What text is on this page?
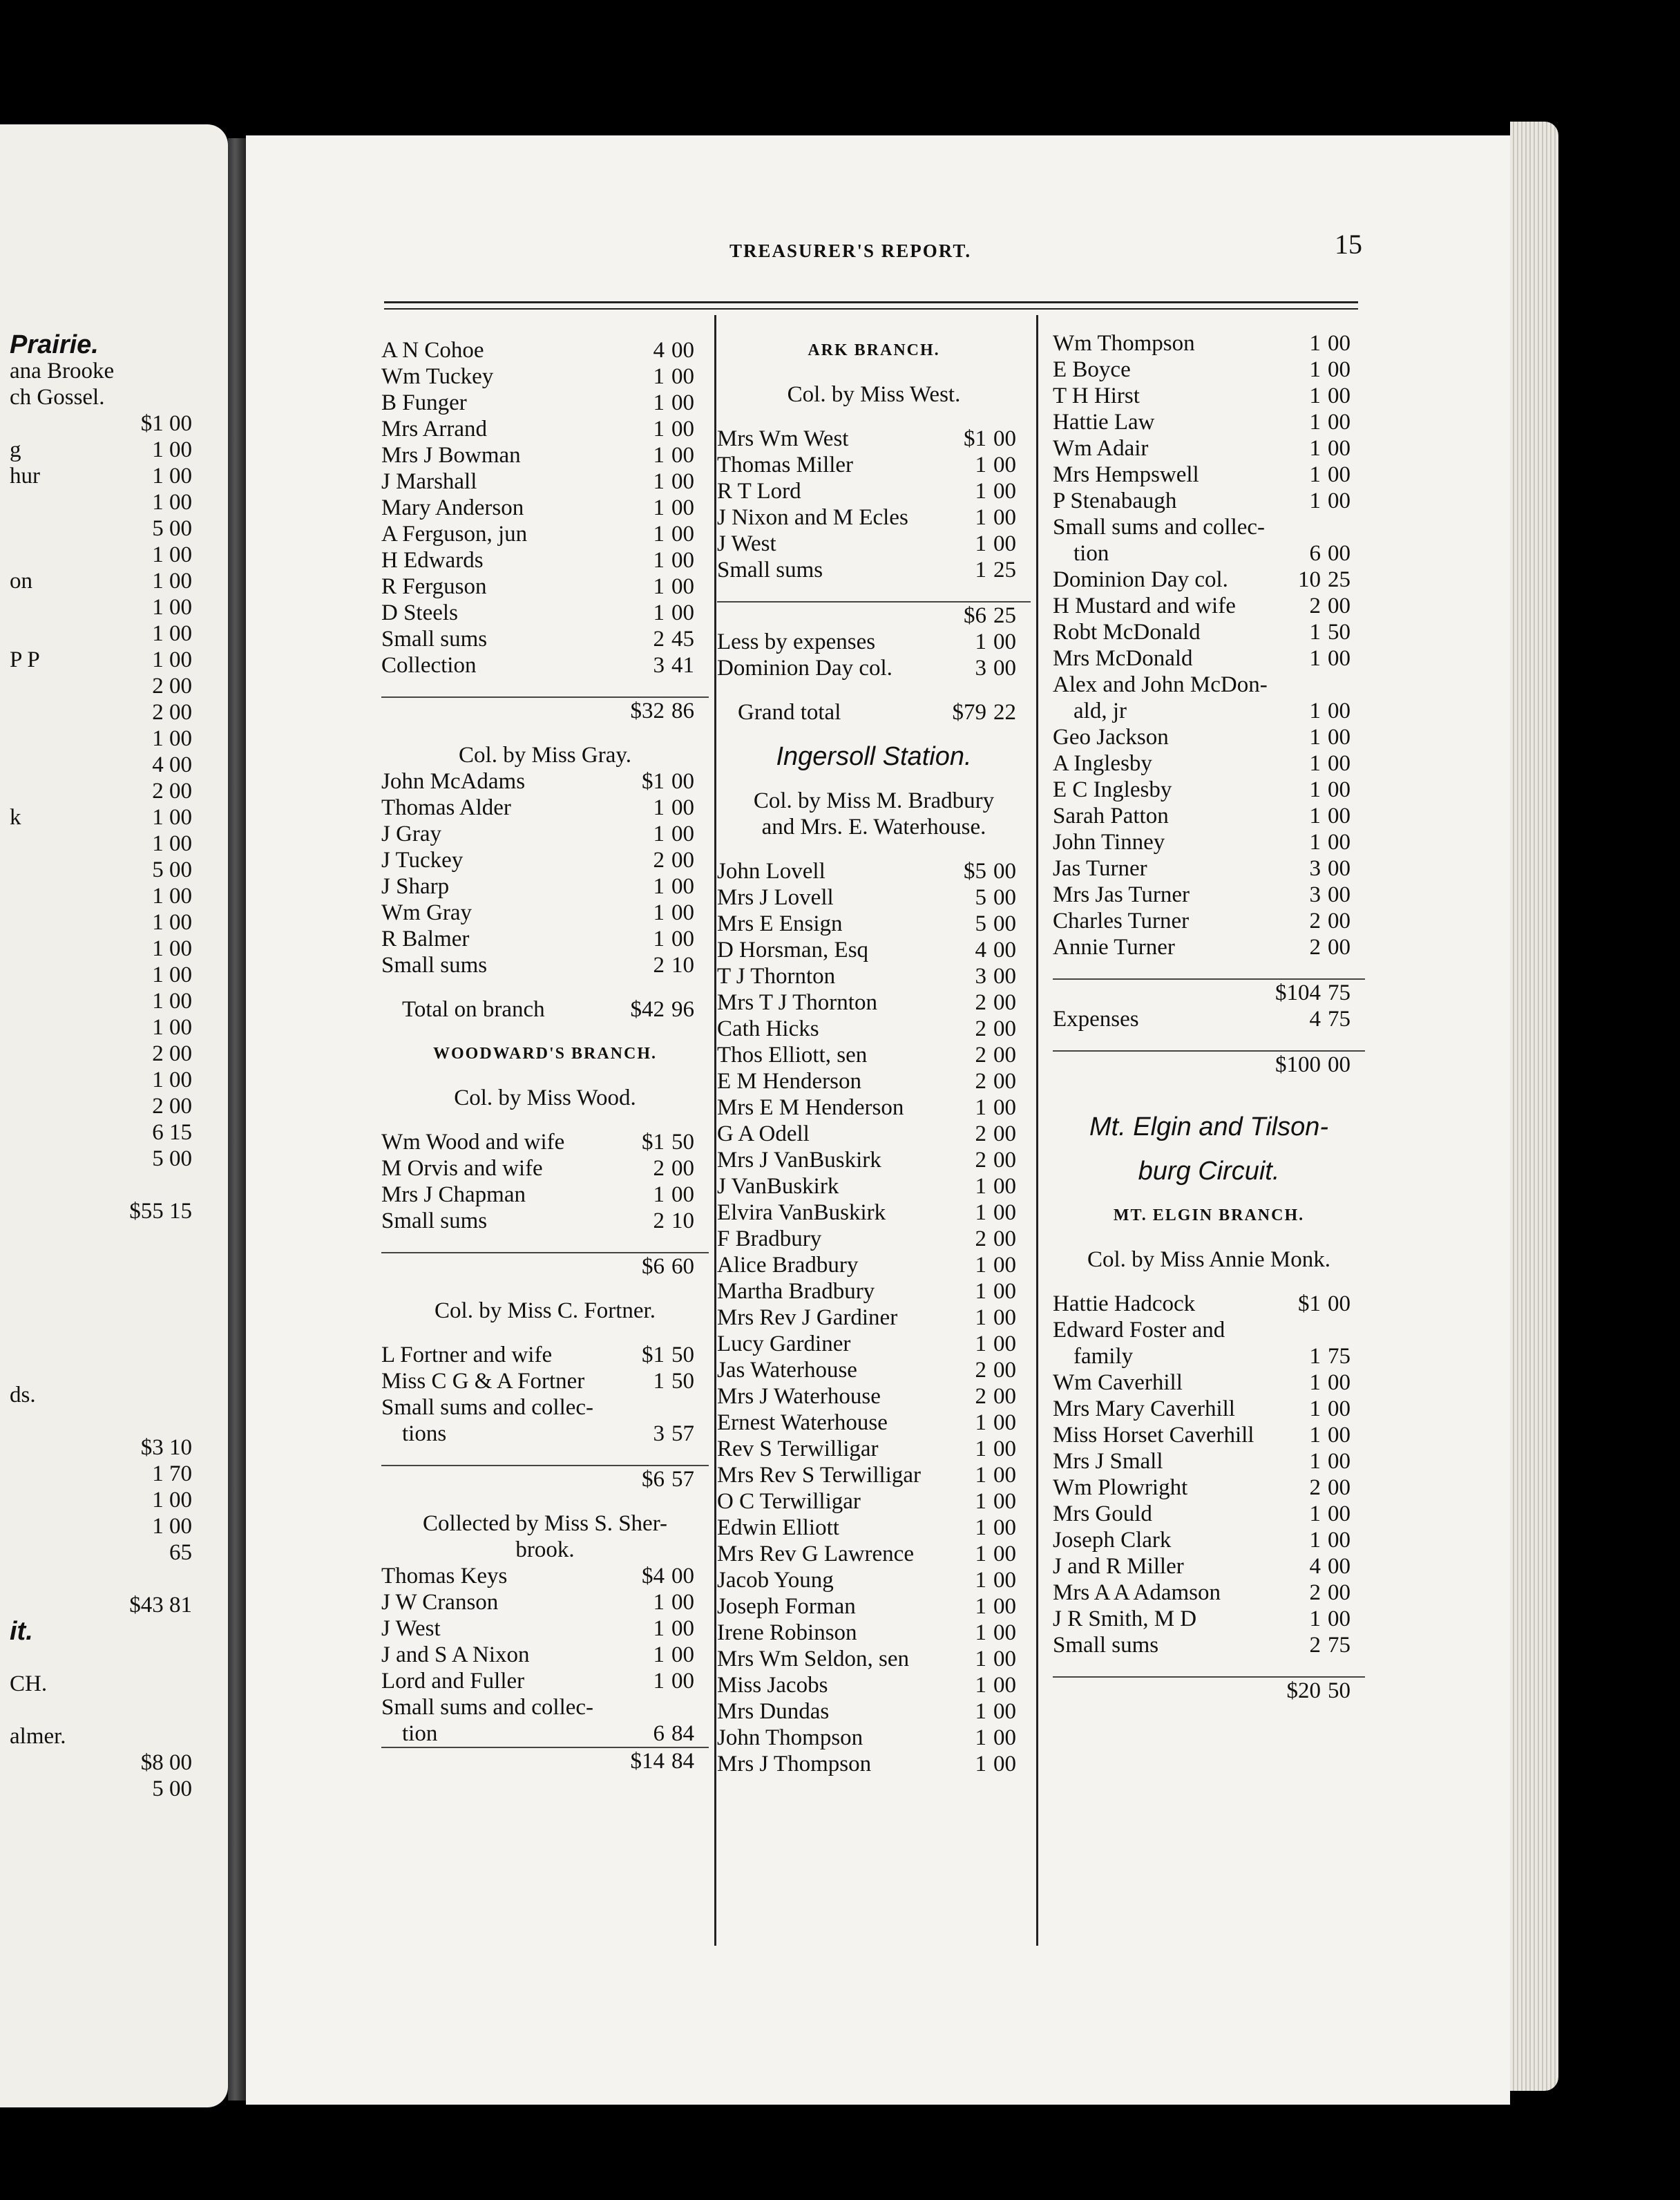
Prairie.
ana Brooke
ch Gossel.
$1 00
g	1 00
hur	1 00
1 00
5 00
1 00
on	1 00
1 00
1 00
P P	1 00
2 00
2 00
1 00
4 00
2 00
k	1 00
1 00
5 00
1 00
1 00
1 00
1 00
1 00
1 00
2 00
1 00
2 00
6 15
5 00
$55 15
ds.
$3 10
1 70
1 00
1 00
65
$43 81
it.
CH.
almer.
$8 00
5 00
TREASURER'S REPORT.	15
A N Cohoe	4 00
Wm Tuckey	1 00
B Funger	1 00
Mrs Arrand	1 00
Mrs J Bowman	1 00
J Marshall	1 00
Mary Anderson	1 00
A Ferguson, jun	1 00
H Edwards	1 00
R Ferguson	1 00
D Steels	1 00
Small sums	2 45
Collection	3 41
$32 86
Col. by Miss Gray.
John McAdams	$1 00
Thomas Alder	1 00
J Gray	1 00
J Tuckey	2 00
J Sharp	1 00
Wm Gray	1 00
R Balmer	1 00
Small sums	2 10
Total on branch	$42 96
WOODWARD'S BRANCH.
Col. by Miss Wood.
Wm Wood and wife	$1 50
M Orvis and wife	2 00
Mrs J Chapman	1 00
Small sums	2 10
$6 60
Col. by Miss C. Fortner.
L Fortner and wife	$1 50
Miss C G & A Fortner	1 50
Small sums and collec-
tions	3 57
$6 57
Collected by Miss S. Sher-
brook.
Thomas Keys	$4 00
J W Cranson	1 00
J West	1 00
J and S A Nixon	1 00
Lord and Fuller	1 00
Small sums and collec-
tion	6 84
$14 84
ARK BRANCH.
Col. by Miss West.
Mrs Wm West	$1 00
Thomas Miller	1 00
R T Lord	1 00
J Nixon and M Ecles	1 00
J West	1 00
Small sums	1 25
$6 25
Less by expenses	1 00
Dominion Day col.	3 00
Grand total	$79 22
Ingersoll Station.
Col. by Miss M. Bradbury
and Mrs. E. Waterhouse.
John Lovell	$5 00
Mrs J Lovell	5 00
Mrs E Ensign	5 00
D Horsman, Esq	4 00
T J Thornton	3 00
Mrs T J Thornton	2 00
Cath Hicks	2 00
Thos Elliott, sen	2 00
E M Henderson	2 00
Mrs E M Henderson	1 00
G A Odell	2 00
Mrs J VanBuskirk	2 00
J VanBuskirk	1 00
Elvira VanBuskirk	1 00
F Bradbury	2 00
Alice Bradbury	1 00
Martha Bradbury	1 00
Mrs Rev J Gardiner	1 00
Lucy Gardiner	1 00
Jas Waterhouse	2 00
Mrs J Waterhouse	2 00
Ernest Waterhouse	1 00
Rev S Terwilligar	1 00
Mrs Rev S Terwilligar 1 00
O C Terwilligar	1 00
Edwin Elliott	1 00
Mrs Rev G Lawrence	1 00
Jacob Young	1 00
Joseph Forman	1 00
Irene Robinson	1 00
Mrs Wm Seldon, sen	1 00
Miss Jacobs	1 00
Mrs Dundas	1 00
John Thompson	1 00
Mrs J Thompson	1 00
Wm Thompson	1 00
E Boyce	1 00
T H Hirst	1 00
Hattie Law	1 00
Wm Adair	1 00
Mrs Hempswell	1 00
P Stenabaugh	1 00
Small sums and collec-
tion	6 00
Dominion Day col.	10 25
H Mustard and wife	2 00
Robt McDonald	1 50
Mrs McDonald	1 00
Alex and John McDon-
ald, jr	1 00
Geo Jackson	1 00
A Inglesby	1 00
E C Inglesby	1 00
Sarah Patton	1 00
John Tinney	1 00
Jas Turner	3 00
Mrs Jas Turner	3 00
Charles Turner	2 00
Annie Turner	2 00
$104 75
Expenses	4 75
$100 00
Mt. Elgin and Tilson-
burg Circuit.
MT. ELGIN BRANCH.
Col. by Miss Annie Monk.
Hattie Hadcock	$1 00
Edward Foster and
family	1 75
Wm Caverhill	1 00
Mrs Mary Caverhill	1 00
Miss Horset Caverhill 1 00
Mrs J Small	1 00
Wm Plowright	2 00
Mrs Gould	1 00
Joseph Clark	1 00
J and R Miller	4 00
Mrs A A Adamson	2 00
J R Smith, M D	1 00
Small sums	2 75
$20 50
